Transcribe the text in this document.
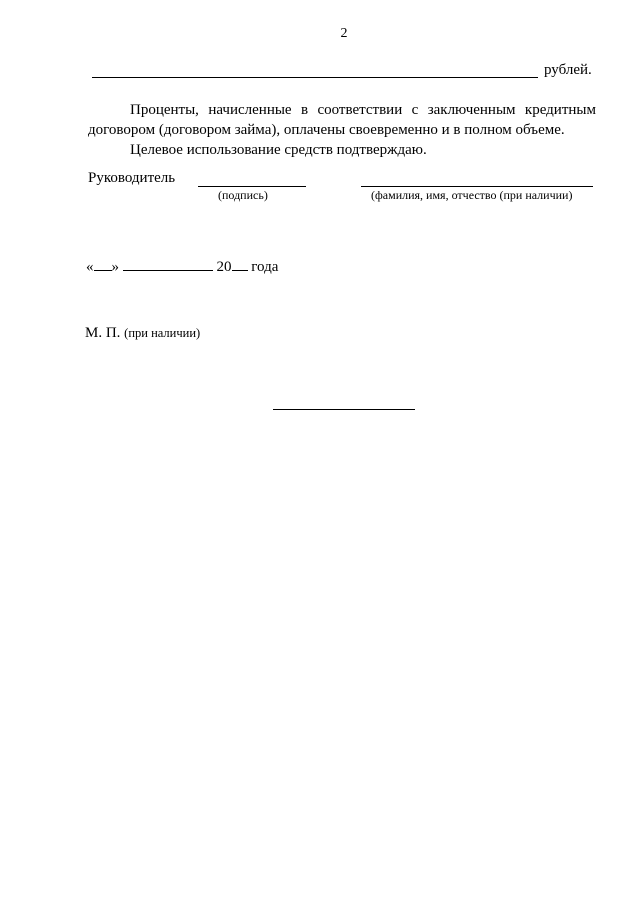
2
рублей.

Проценты, начисленные в соответствии с заключенным кредитным договором (договором займа), оплачены своевременно и в полном объеме.

Целевое использование средств подтверждаю.

Руководитель
(подпись)	(фамилия, имя, отчество (при наличии)
« »	20 года
М. П. (при наличии)
